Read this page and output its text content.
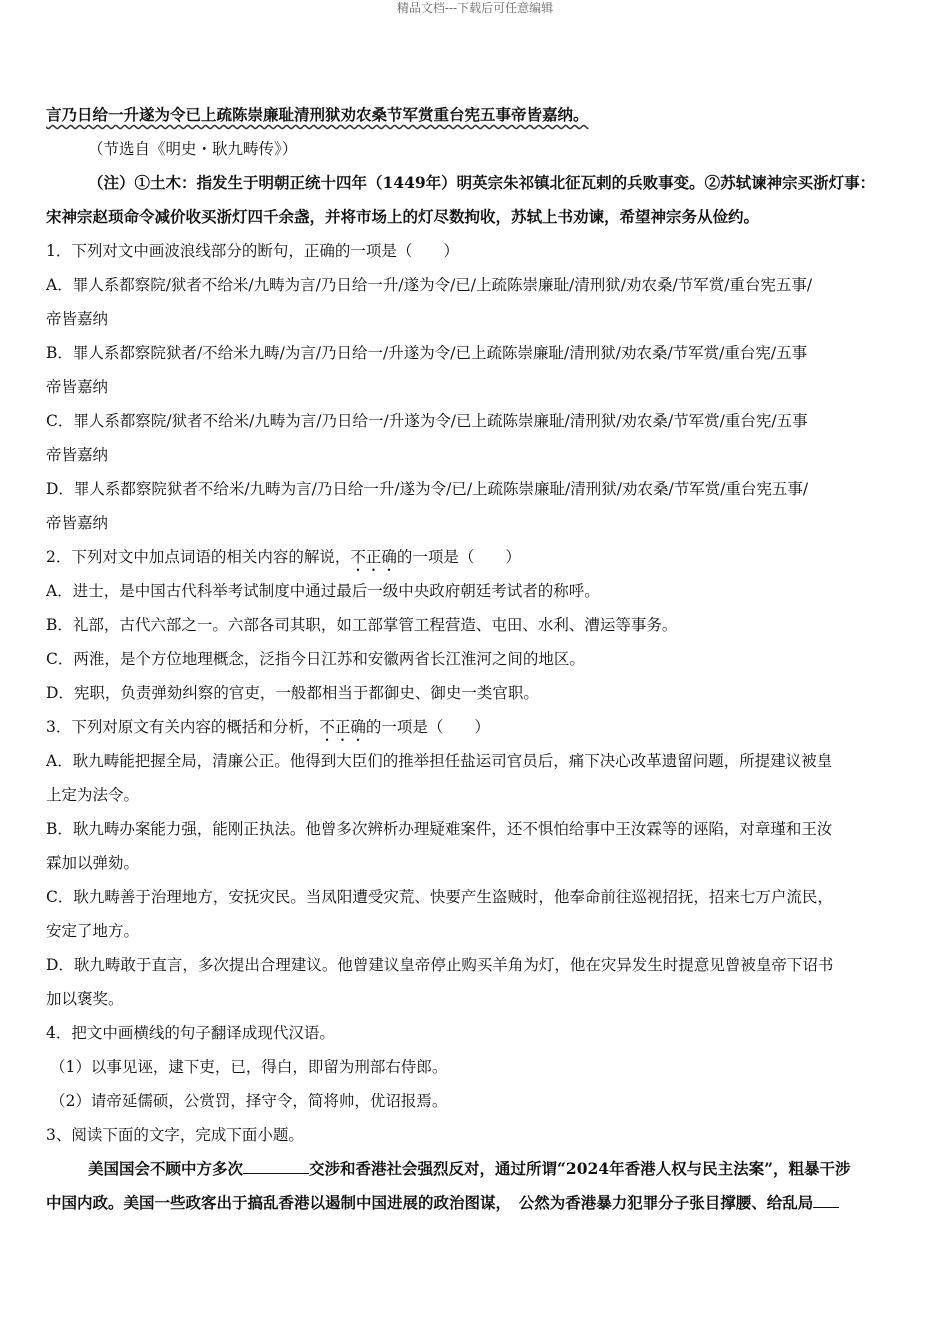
精品文档---下载后可任意编辑
言乃日给一升遂为令已上疏陈崇廉耻清刑狱劝农桑节军赏重台宪五事帝皆嘉纳。
（节选自《明史・耿九畴传》）
（注）①土木：指发生于明朝正统十四年（1449年）明英宗朱祁镇北征瓦剌的兵败事变。②苏轼谏神宗买浙灯事：
宋神宗赵顼命令减价收买浙灯四千余盏，并将市场上的灯尽数拘收，苏轼上书劝谏，希望神宗务从俭约。
1．下列对文中画波浪线部分的断句，正确的一项是（　　）
A．罪人系都察院/狱者不给米/九畴为言/乃日给一升/遂为令/已/上疏陈崇廉耻/清刑狱/劝农桑/节军赏/重台宪五事/
帝皆嘉纳
B．罪人系都察院狱者/不给米九畴/为言/乃日给一/升遂为令/已上疏陈崇廉耻/清刑狱/劝农桑/节军赏/重台宪/五事
帝皆嘉纳
C．罪人系都察院/狱者不给米/九畴为言/乃日给一/升遂为令/已上疏陈崇廉耻/清刑狱/劝农桑/节军赏/重台宪/五事
帝皆嘉纳
D．罪人系都察院狱者不给米/九畴为言/乃日给一升/遂为令/已/上疏陈崇廉耻/清刑狱/劝农桑/节军赏/重台宪五事/
帝皆嘉纳
2．下列对文中加点词语的相关内容的解说，不正确的一项是（　　）
A．进士，是中国古代科举考试制度中通过最后一级中央政府朝廷考试者的称呼。
B．礼部，古代六部之一。六部各司其职，如工部掌管工程营造、屯田、水利、漕运等事务。
C．两淮，是个方位地理概念，泛指今日江苏和安徽两省长江淮河之间的地区。
D．宪职，负责弹劾纠察的官吏，一般都相当于都御史、御史一类官职。
3．下列对原文有关内容的概括和分析，不正确的一项是（　　）
A．耿九畴能把握全局，清廉公正。他得到大臣们的推举担任盐运司官员后，痛下决心改革遗留问题，所提建议被皇
上定为法令。
B．耿九畴办案能力强，能刚正执法。他曾多次辨析办理疑难案件，还不惧怕给事中王汝霖等的诬陷，对章瑾和王汝
霖加以弹劾。
C．耿九畴善于治理地方，安抚灾民。当凤阳遭受灾荒、快要产生盗贼时，他奉命前往巡视招抚，招来七万户流民，
安定了地方。
D．耿九畴敢于直言，多次提出合理建议。他曾建议皇帝停止购买羊角为灯，他在灾异发生时提意见曾被皇帝下诏书
加以褒奖。
4．把文中画横线的句子翻译成现代汉语。
（1）以事见诬，逮下吏，已，得白，即留为刑部右侍郎。
（2）请帝延儒硕，公赏罚，择守令，简将帅，优诏报焉。
3、阅读下面的文字，完成下面小题。
美国国会不顾中方多次	交涉和香港社会强烈反对，通过所谓“2024年香港人权与民主法案”，粗暴干涉
中国内政。美国一些政客出于搞乱香港以遏制中国进展的政治图谋，　公然为香港暴力犯罪分子张目撑腰、给乱局
